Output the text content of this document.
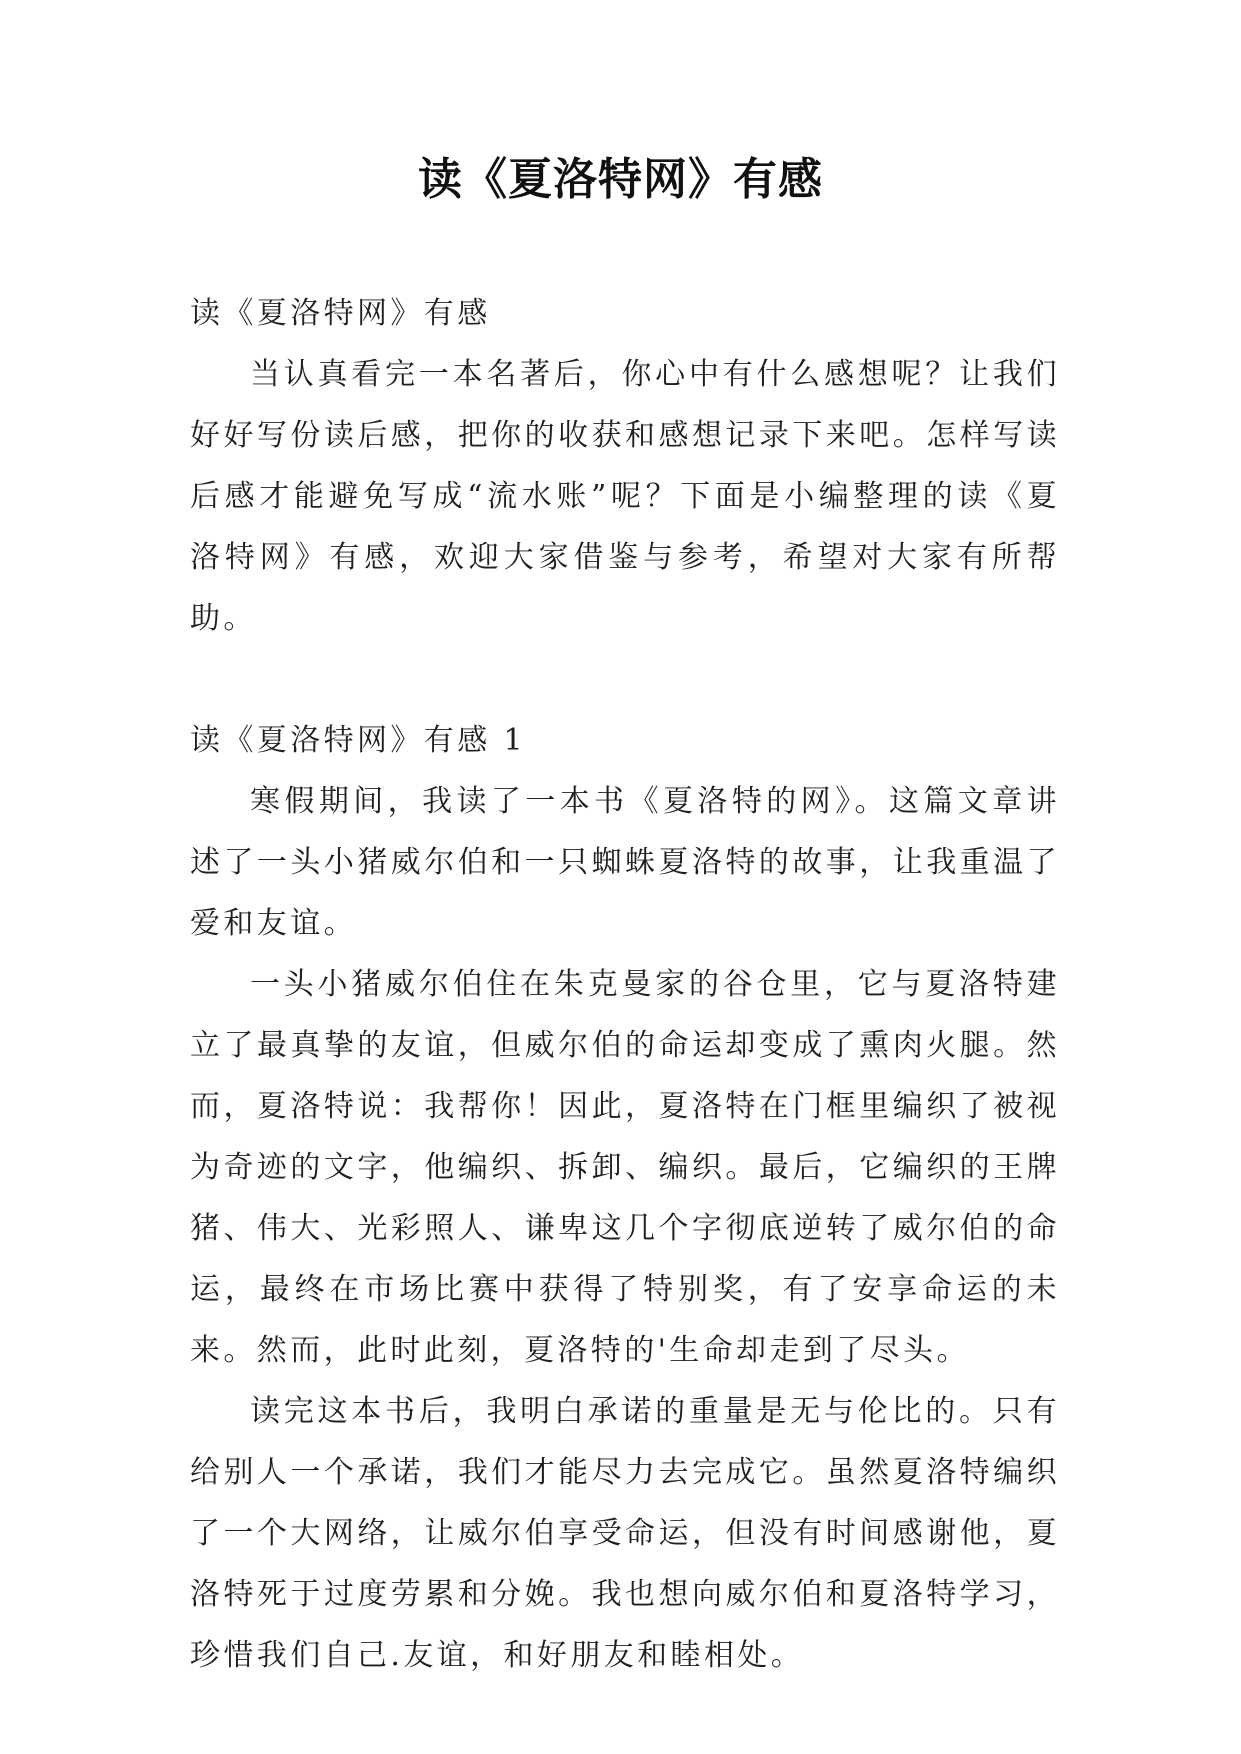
读《夏洛特网》有感

读《夏洛特网》有感

当认真看完一本名著后，你心中有什么感想呢？让我们好好写份读后感，把你的收获和感想记录下来吧。怎样写读后感才能避免写成“流水账”呢？下面是小编整理的读《夏洛特网》有感，欢迎大家借鉴与参考，希望对大家有所帮助。

读《夏洛特网》有感 1

寒假期间，我读了一本书《夏洛特的网》。这篇文章讲述了一头小猪威尔伯和一只蜘蛛夏洛特的故事，让我重温了爱和友谊。

一头小猪威尔伯住在朱克曼家的谷仓里，它与夏洛特建立了最真挚的友谊，但威尔伯的命运却变成了熏肉火腿。然而，夏洛特说：我帮你！因此，夏洛特在门框里编织了被视为奇迹的文字，他编织、拆卸、编织。最后，它编织的王牌猪、伟大、光彩照人、谦卑这几个字彻底逆转了威尔伯的命运，最终在市场比赛中获得了特别奖，有了安享命运的未来。然而，此时此刻，夏洛特的'生命却走到了尽头。

读完这本书后，我明白承诺的重量是无与伦比的。只有给别人一个承诺，我们才能尽力去完成它。虽然夏洛特编织了一个大网络，让威尔伯享受命运，但没有时间感谢他，夏洛特死于过度劳累和分娩。我也想向威尔伯和夏洛特学习，珍惜我们自己.友谊，和好朋友和睦相处。
